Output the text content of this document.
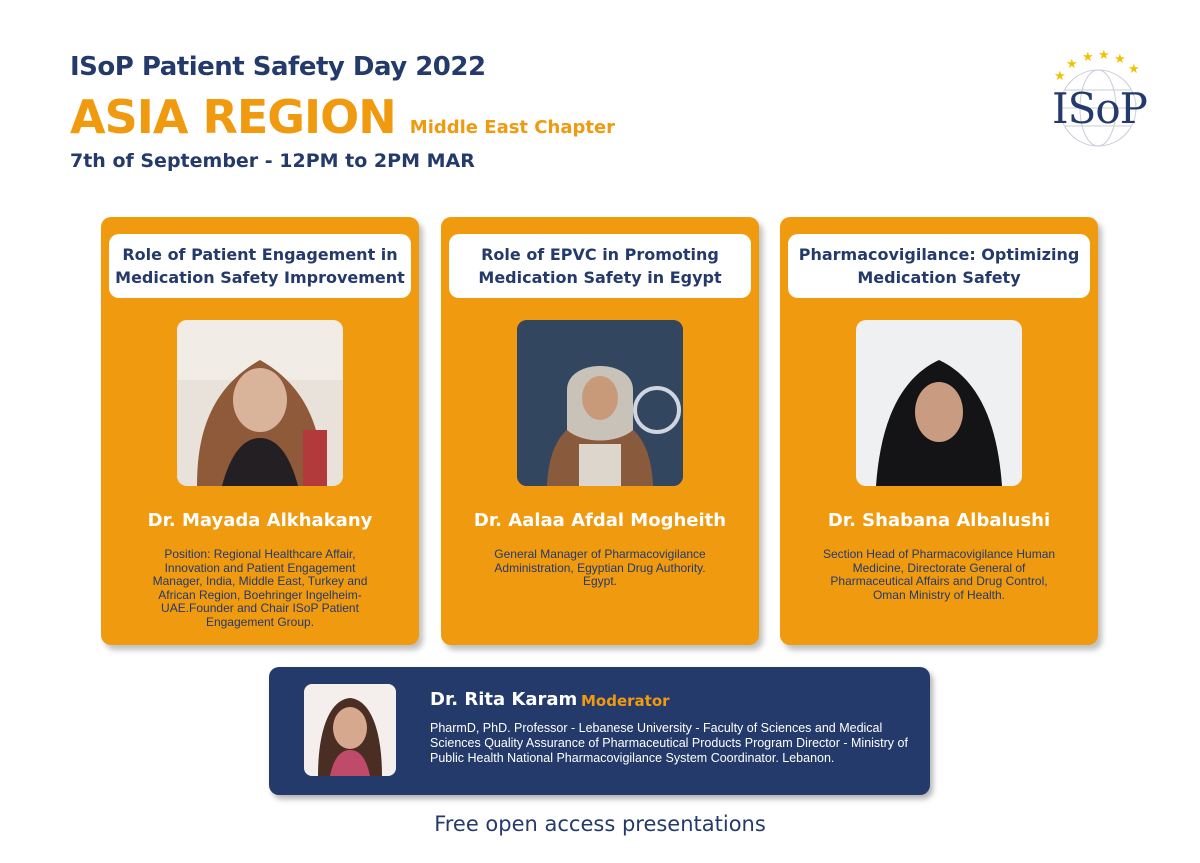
ISoP Patient Safety Day 2022
ASIA REGION Middle East Chapter
7th of September - 12PM to 2PM MAR
★
★ ★ ★ ★
★
ISoP
Role of Patient Engagement in Medication Safety Improvement
Dr. Mayada Alkhakany
Position: Regional Healthcare Affair, Innovation and Patient Engagement Manager, India, Middle East, Turkey and African Region, Boehringer Ingelheim-UAE.Founder and Chair ISoP Patient Engagement Group.
Role of EPVC in Promoting Medication Safety in Egypt
Dr. Aalaa Afdal Mogheith
General Manager of Pharmacovigilance Administration, Egyptian Drug Authority. Egypt.
Pharmacovigilance: Optimizing Medication Safety
Dr. Shabana Albalushi
Section Head of Pharmacovigilance Human Medicine, Directorate General of Pharmaceutical Affairs and Drug Control, Oman Ministry of Health.
Dr. Rita Karam Moderator
PharmD, PhD. Professor - Lebanese University - Faculty of Sciences and Medical Sciences Quality Assurance of Pharmaceutical Products Program Director - Ministry of Public Health National Pharmacovigilance System Coordinator. Lebanon.
Free open access presentations
